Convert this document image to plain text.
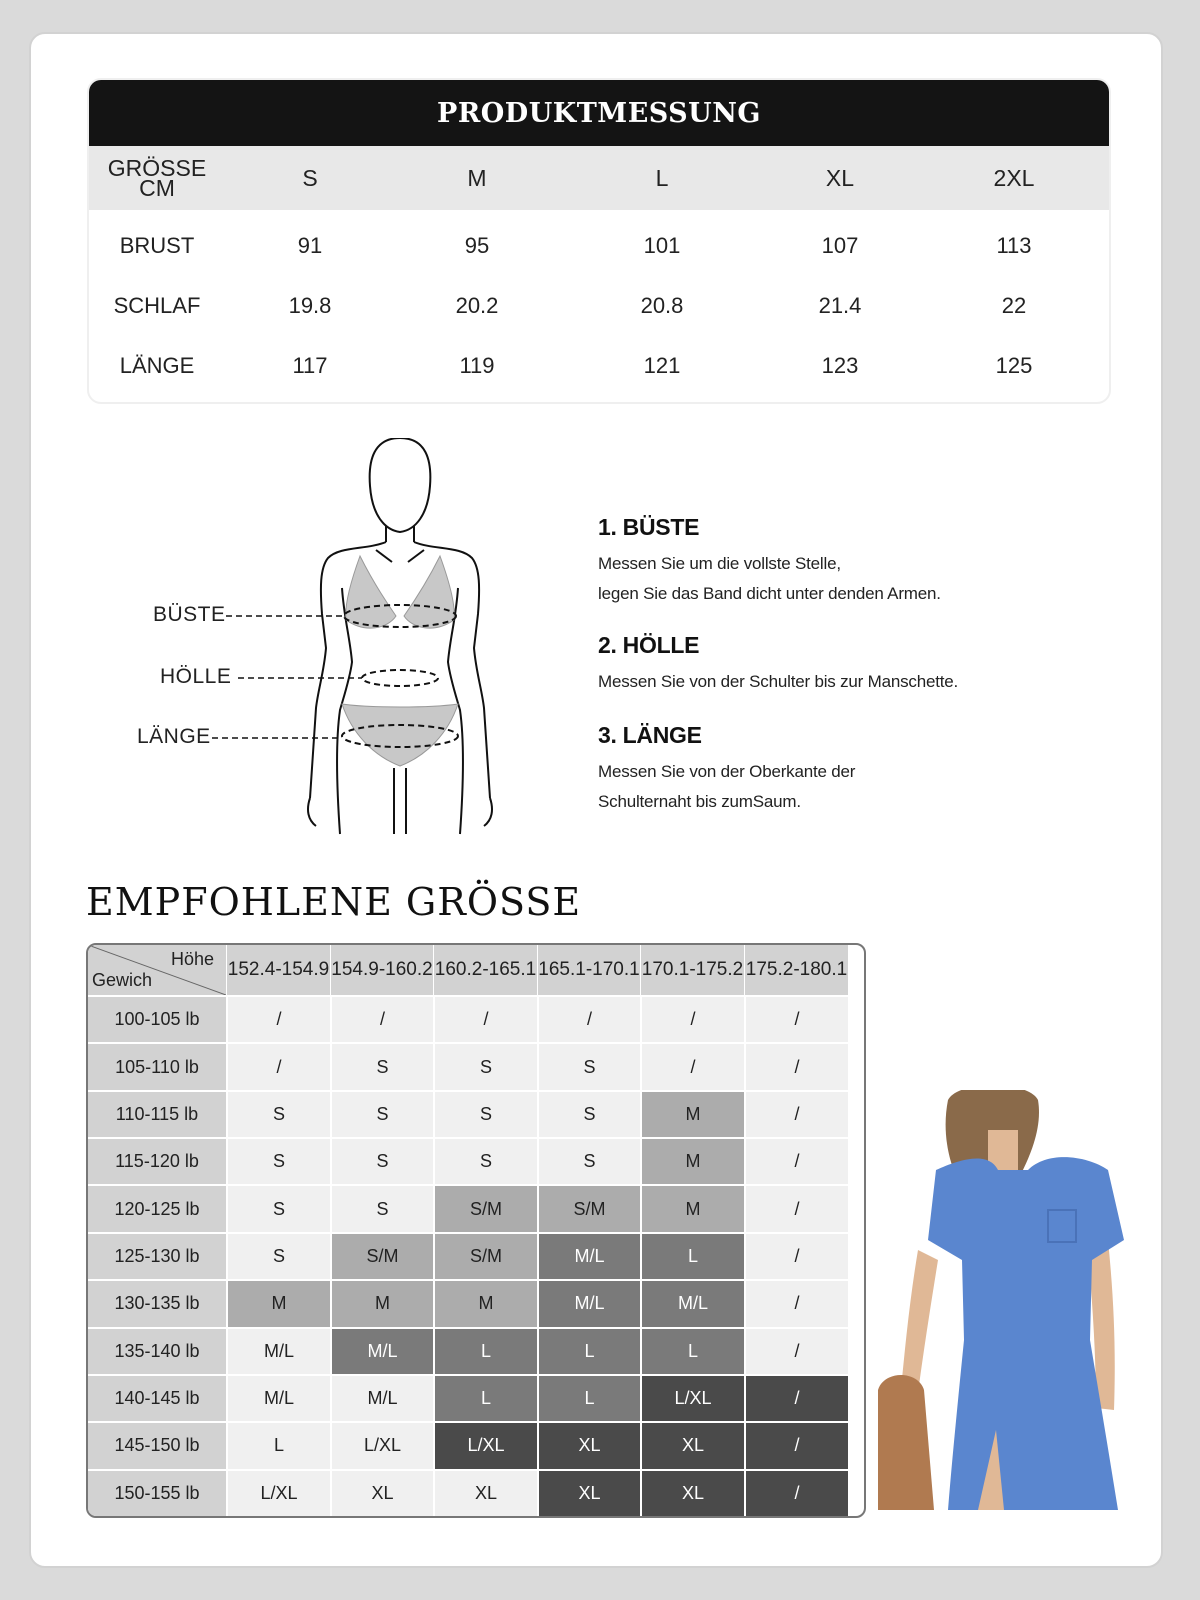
PRODUKTMESSUNG
GRÖSSE
CM	S	M	L	XL	2XL
BRUST	91	95	101	107	113
SCHLAF	19.8	20.2	20.8	21.4	22
LÄNGE	117	119	121	123	125
BÜSTE
HÖLLE
LÄNGE
1. BÜSTE
Messen Sie um die vollste Stelle,
legen Sie das Band dicht unter denden Armen.
2. HÖLLE
Messen Sie von der Schulter bis zur Manschette.
3. LÄNGE
Messen Sie von der Oberkante der
Schulternaht bis zumSaum.
EMPFOHLENE GRÖSSE
Höhe
Gewich	152.4-154.9 154.9-160.2 160.2-165.1 165.1-170.1 170.1-175.2 175.2-180.1
100-105 lb	/	/	/	/	/	/
105-110 lb	/	S	S	S	/	/
110-115 lb	S	S	S	S	M	/
115-120 lb	S	S	S	S	M	/
120-125 lb	S	S	S/M	S/M	M	/
125-130 lb	S	S/M	S/M	M/L	L	/
130-135 lb	M	M	M	M/L	M/L	/
135-140 lb	M/L	M/L	L	L	L	/
140-145 lb	M/L	M/L	L	L	L/XL	/
145-150 lb	L	L/XL	L/XL	XL	XL	/
150-155 lb	L/XL	XL	XL	XL	XL	/
